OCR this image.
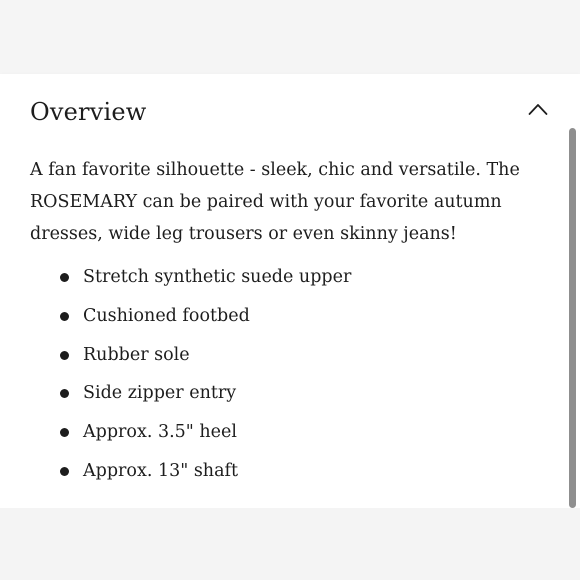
Overview

A fan favorite silhouette - sleek, chic and versatile. The ROSEMARY can be paired with your favorite autumn dresses, wide leg trousers or even skinny jeans!

Stretch synthetic suede upper
Cushioned footbed
Rubber sole
Side zipper entry
Approx. 3.5" heel
Approx. 13" shaft
